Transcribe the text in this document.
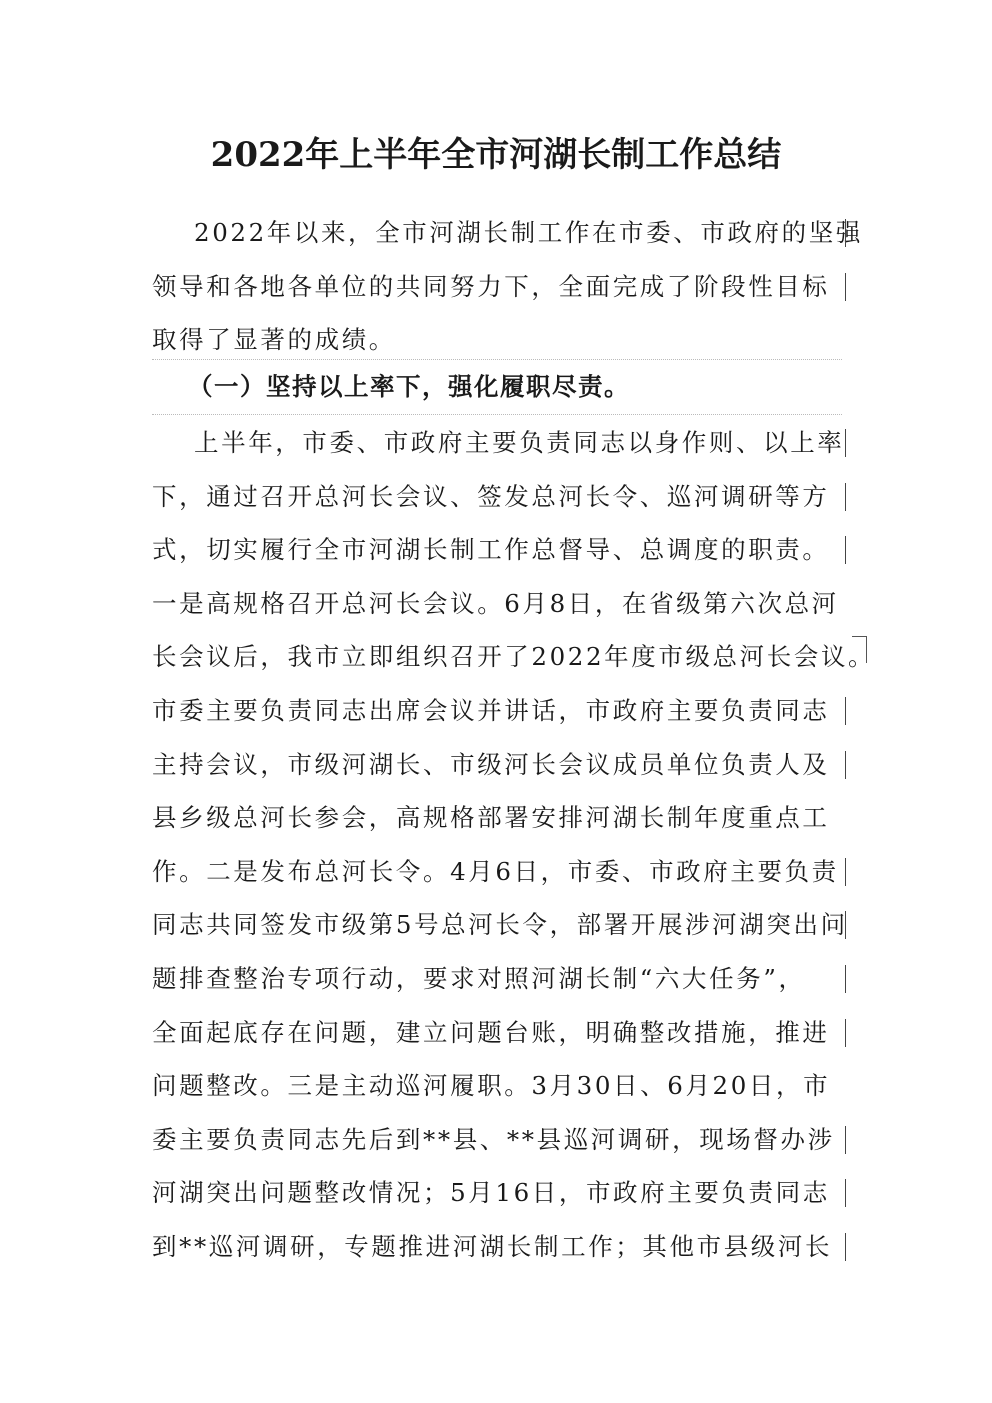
2022年上半年全市河湖长制工作总结
2022年以来，全市河湖长制工作在市委、市政府的坚强
领导和各地各单位的共同努力下，全面完成了阶段性目标
取得了显著的成绩。
（一）坚持以上率下，强化履职尽责。
上半年，市委、市政府主要负责同志以身作则、以上率
下，通过召开总河长会议、签发总河长令、巡河调研等方
式，切实履行全市河湖长制工作总督导、总调度的职责。
一是高规格召开总河长会议。6月8日，在省级第六次总河
长会议后，我市立即组织召开了2022年度市级总河长会议。
市委主要负责同志出席会议并讲话，市政府主要负责同志
主持会议，市级河湖长、市级河长会议成员单位负责人及
县乡级总河长参会，高规格部署安排河湖长制年度重点工
作。二是发布总河长令。4月6日，市委、市政府主要负责
同志共同签发市级第5号总河长令，部署开展涉河湖突出问
题排查整治专项行动，要求对照河湖长制“六大任务”，
全面起底存在问题，建立问题台账，明确整改措施，推进
问题整改。三是主动巡河履职。3月30日、6月20日，市
委主要负责同志先后到**县、**县巡河调研，现场督办涉
河湖突出问题整改情况；5月16日，市政府主要负责同志
到**巡河调研，专题推进河湖长制工作；其他市县级河长
